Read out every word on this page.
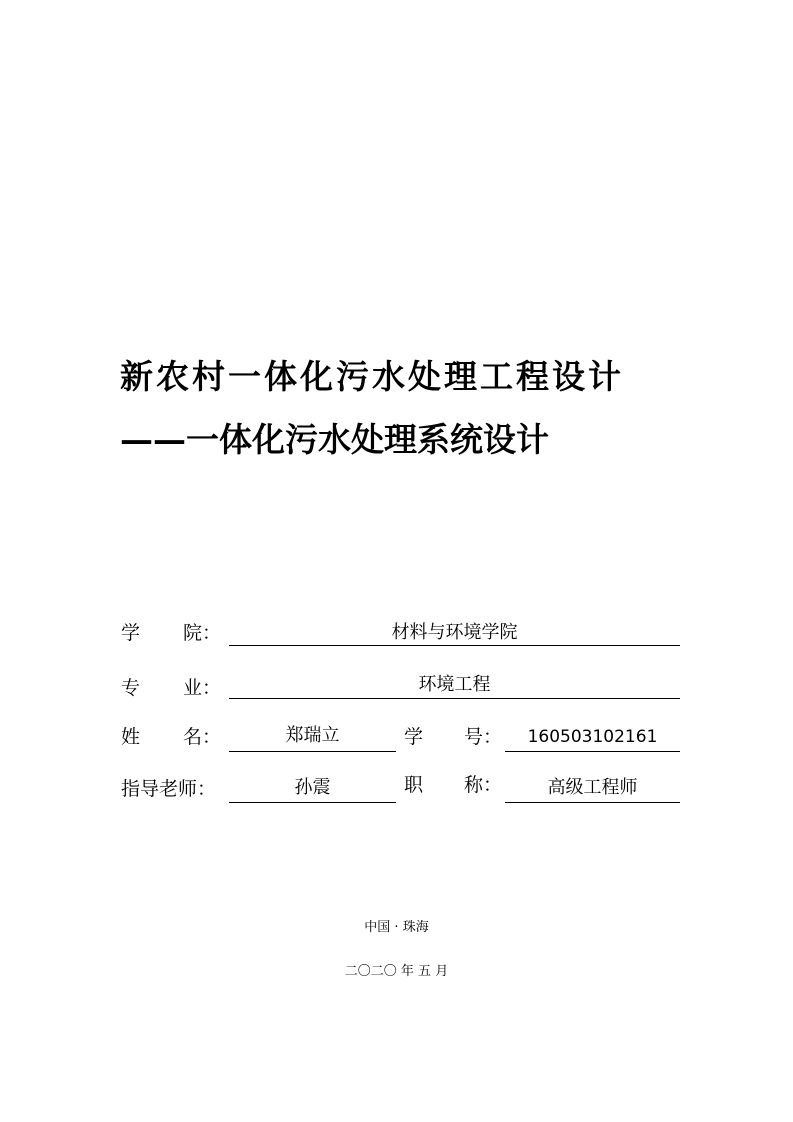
新农村一体化污水处理工程设计
——一体化污水处理系统设计
学 院：	材料与环境学院
专 业：	环境工程
姓 名：	郑瑞立	学 号：	160503102161
指导老师：	孙震	职 称：	高级工程师
中国 · 珠海
二〇二〇 年 五 月
